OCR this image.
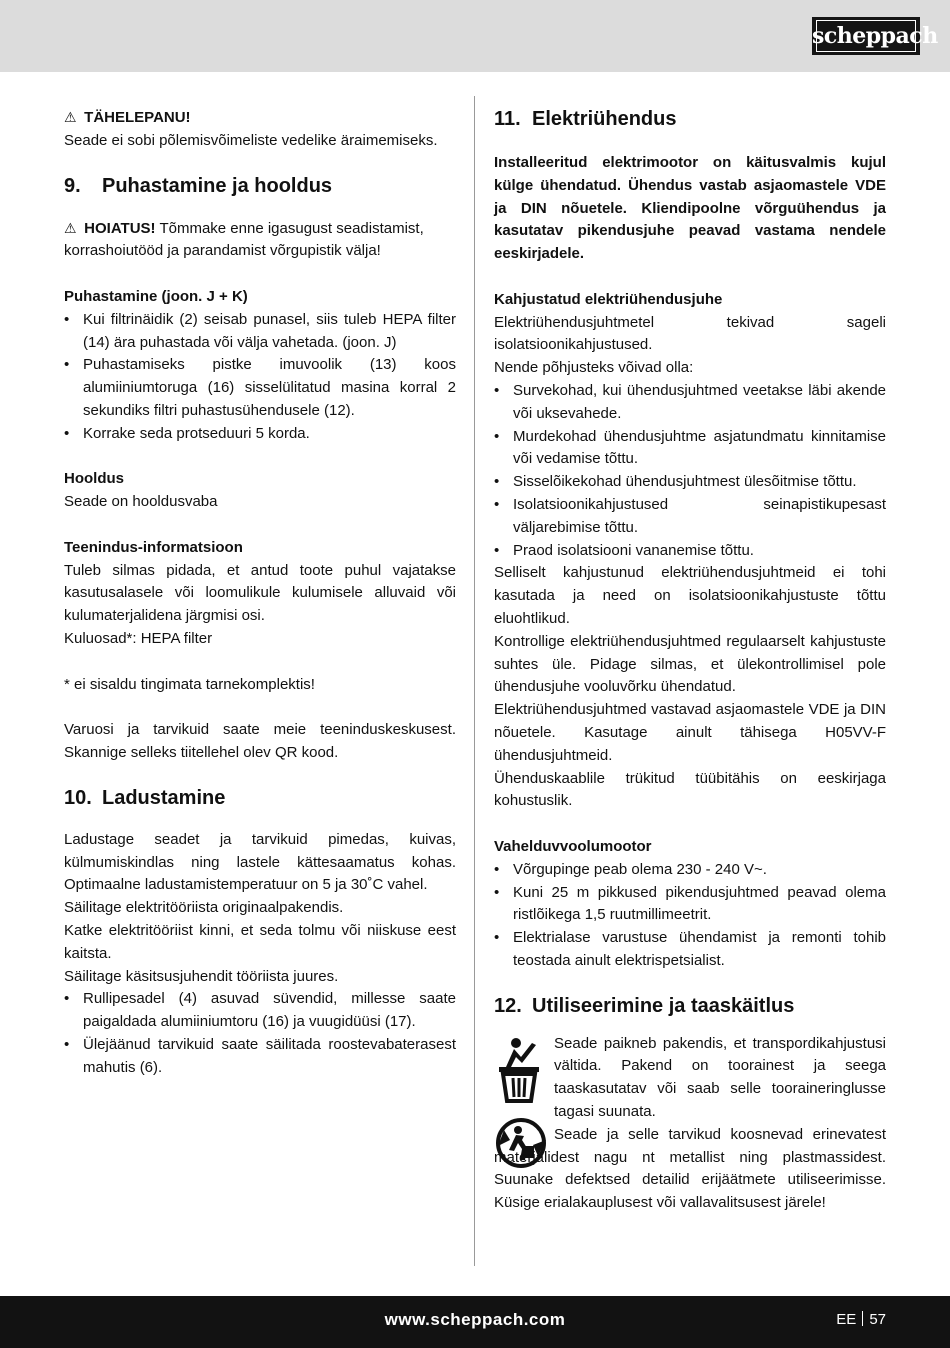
scheppach

⚠ TÄHELEPANU!

Seade ei sobi põlemisvõimeliste vedelike äraimemiseks.

9.	Puhastamine ja hooldus

⚠ HOIATUS! Tõmmake enne igasugust seadistamist, korrashoiutööd ja parandamist võrgupistik välja!

Puhastamine (joon. J + K)

• Kui filtrinäidik (2) seisab punasel, siis tuleb HEPA filter (14) ära puhastada või välja vahetada. (joon. J)
• Puhastamiseks pistke imuvoolik (13) koos alumiiniumtoruga (16) sisselülitatud masina korral 2 sekundiks filtri puhastusühendusele (12).
• Korrake seda protseduuri 5 korda.

Hooldus

Seade on hooldusvaba

Teenindus-informatsioon

Tuleb silmas pidada, et antud toote puhul vajatakse kasutusalasele või loomulikule kulumisele alluvaid või kulumaterjalidena järgmisi osi.

Kuluosad*: HEPA filter

* ei sisaldu tingimata tarnekomplektis!

Varuosi ja tarvikuid saate meie teeninduskeskusest. Skannige selleks tiitellehel olev QR kood.

10. Ladustamine

Ladustage seadet ja tarvikuid pimedas, kuivas, külmumiskindlas ning lastele kättesaamatus kohas. Optimaalne ladustamistemperatuur on 5 ja 30˚C vahel.

Säilitage elektritööriista originaalpakendis.

Katke elektritööriist kinni, et seda tolmu või niiskuse eest kaitsta.

Säilitage käsitsusjuhendit tööriista juures.

• Rullipesadel (4) asuvad süvendid, millesse saate paigaldada alumiiniumtoru (16) ja vuugidüüsi (17).
• Ülejäänud tarvikuid saate säilitada roostevabaterasest mahutis (6).
11. Elektriühendus

Installeeritud elektrimootor on käitusvalmis kujul külge ühendatud. Ühendus vastab asjaomastele VDE ja DIN nõuetele. Kliendipoolne võrguühendus ja kasutatav pikendusjuhe peavad vastama nendele eeskirjadele.

Kahjustatud elektriühendusjuhe

Elektriühendusjuhtmetel tekivad sageli isolatsioonikahjustused.

Nende põhjusteks võivad olla:

• Survekohad, kui ühendusjuhtmed veetakse läbi akende või uksevahede.
• Murdekohad ühendusjuhtme asjatundmatu kinnitamise või vedamise tõttu.
• Sisselõikekohad ühendusjuhtmest ülesõitmise tõttu.
• Isolatsioonikahjustused seinapistikupesast väljarebimise tõttu.
• Praod isolatsiooni vananemise tõttu.

Selliselt kahjustunud elektriühendusjuhtmeid ei tohi kasutada ja need on isolatsioonikahjustuste tõttu eluohtlikud.

Kontrollige elektriühendusjuhtmed regulaarselt kahjustuste suhtes üle. Pidage silmas, et ülekontrollimisel pole ühendusjuhe vooluvõrku ühendatud.

Elektriühendusjuhtmed vastavad asjaomastele VDE ja DIN nõuetele. Kasutage ainult tähisega H05VV-F ühendusjuhtmeid.

Ühenduskaablile trükitud tüübitähis on eeskirjaga kohustuslik.

Vahelduvvoolumootor

• Võrgupinge peab olema 230 - 240 V~.
• Kuni 25 m pikkused pikendusjuhtmed peavad olema ristlõikega 1,5 ruutmillimeetrit.
• Elektrialase varustuse ühendamist ja remonti tohib teostada ainult elektrispetsialist.
12. Utiliseerimine ja taaskäitlus

Seade paikneb pakendis, et transpordikahjustusi vältida. Pakend on toorainest ja seega taaskasutatav või saab selle tooraineringlusse tagasi suunata.

Seade ja selle tarvikud koosnevad erinevatest materjalidest nagu nt metallist ning plastmassidest. Suunake defektsed detailid erijäätmete utiliseerimisse. Küsige erialakauplusest või vallavalitsusest järele!

www.scheppach.com	EE 57
